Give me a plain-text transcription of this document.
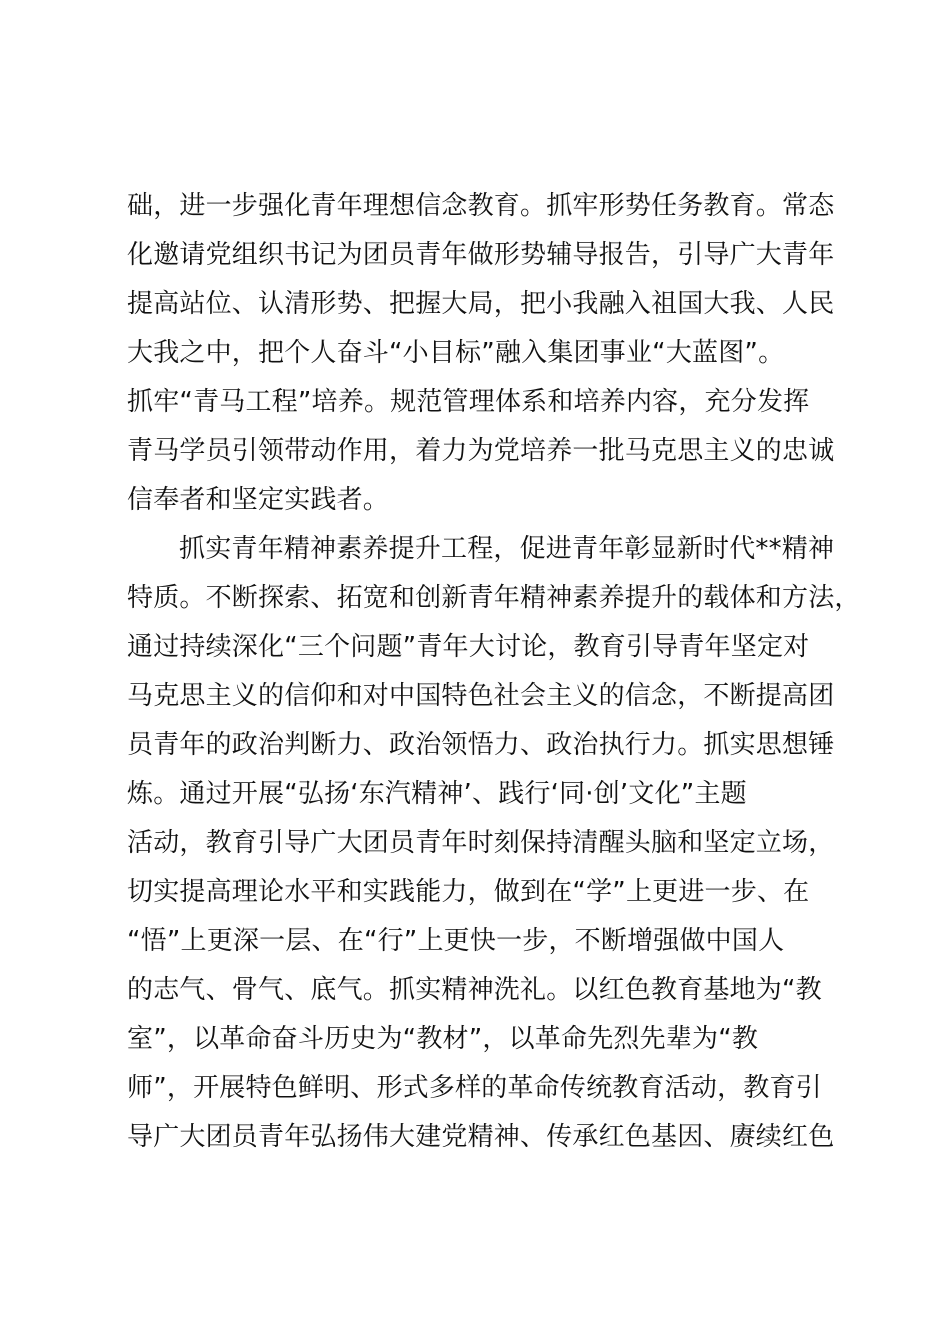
础，进一步强化青年理想信念教育。抓牢形势任务教育。常态
化邀请党组织书记为团员青年做形势辅导报告，引导广大青年
提高站位、认清形势、把握大局，把小我融入祖国大我、人民
大我之中，把个人奋斗“小目标”融入集团事业“大蓝图”。
抓牢“青马工程”培养。规范管理体系和培养内容，充分发挥
青马学员引领带动作用，着力为党培养一批马克思主义的忠诚
信奉者和坚定实践者。
抓实青年精神素养提升工程，促进青年彰显新时代**精神
特质。不断探索、拓宽和创新青年精神素养提升的载体和方法，
通过持续深化“三个问题”青年大讨论，教育引导青年坚定对
马克思主义的信仰和对中国特色社会主义的信念，不断提高团
员青年的政治判断力、政治领悟力、政治执行力。抓实思想锤
炼。通过开展“弘扬‘东汽精神’、践行‘同·创’文化”主题
活动，教育引导广大团员青年时刻保持清醒头脑和坚定立场，
切实提高理论水平和实践能力，做到在“学”上更进一步、在
“悟”上更深一层、在“行”上更快一步，不断增强做中国人
的志气、骨气、底气。抓实精神洗礼。以红色教育基地为“教
室”，以革命奋斗历史为“教材”，以革命先烈先辈为“教
师”，开展特色鲜明、形式多样的革命传统教育活动，教育引
导广大团员青年弘扬伟大建党精神、传承红色基因、赓续红色
